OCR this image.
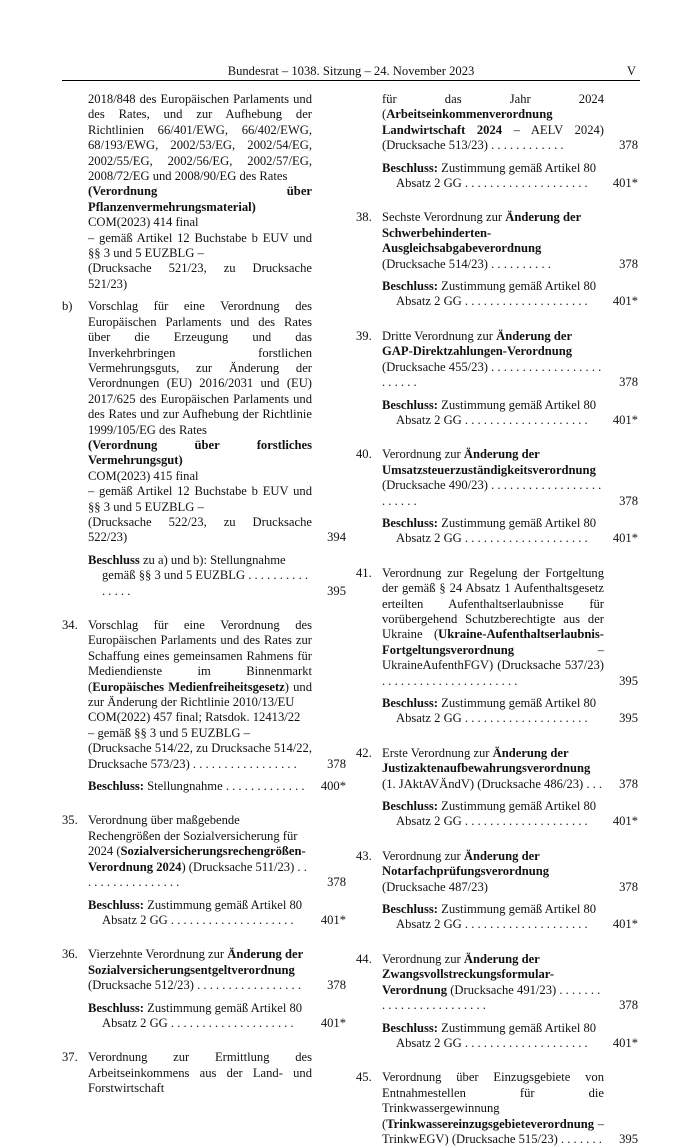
Bundesrat – 1038. Sitzung – 24. November 2023	V
2018/848 des Europäischen Parlaments und des Rates, und zur Aufhebung der Richtlinien 66/401/EWG, 66/402/EWG, 68/193/EWG, 2002/53/EG, 2002/54/EG, 2002/55/EG, 2002/56/EG, 2002/57/EG, 2008/72/EG und 2008/90/EG des Rates
(Verordnung über Pflanzenvermehrungsmaterial)
COM(2023) 414 final
– gemäß Artikel 12 Buchstabe b EUV und §§ 3 und 5 EUZBLG –
(Drucksache 521/23, zu Drucksache 521/23)
b) Vorschlag für eine Verordnung des Europäischen Parlaments und des Rates über die Erzeugung und das Inverkehrbringen forstlichen Vermehrungsguts, zur Änderung der Verordnungen (EU) 2016/2031 und (EU) 2017/625 des Europäischen Parlaments und des Rates und zur Aufhebung der Richtlinie 1999/105/EG des Rates
(Verordnung über forstliches Vermehrungsgut)
COM(2023) 415 final
– gemäß Artikel 12 Buchstabe b EUV und §§ 3 und 5 EUZBLG –
(Drucksache 522/23, zu Drucksache 522/23)	394
Beschluss zu a) und b): Stellungnahme gemäß §§ 3 und 5 EUZBLG . . . . . . . . . . . . . . .	395
34. Vorschlag für eine Verordnung des Europäischen Parlaments und des Rates zur Schaffung eines gemeinsamen Rahmens für Mediendienste im Binnenmarkt (Europäisches Medienfreiheitsgesetz) und zur Änderung der Richtlinie 2010/13/EU
COM(2022) 457 final; Ratsdok. 12413/22
– gemäß §§ 3 und 5 EUZBLG –
(Drucksache 514/22, zu Drucksache 514/22, Drucksache 573/23) . . . . . . . . . . . . . . . . .	378
Beschluss: Stellungnahme . . . . . . . . . . . . .	400*
35. Verordnung über maßgebende Rechengrößen der Sozialversicherung für 2024 (Sozialversicherungsrechengrößen-Verordnung 2024) (Drucksache 511/23) . . . . . . . . . . . . . . . . .	378
Beschluss: Zustimmung gemäß Artikel 80 Absatz 2 GG . . . . . . . . . . . . . . . . . . . .	401*
36. Vierzehnte Verordnung zur Änderung der Sozialversicherungsentgeltverordnung (Drucksache 512/23) . . . . . . . . . . . . . . . . .	378
Beschluss: Zustimmung gemäß Artikel 80 Absatz 2 GG . . . . . . . . . . . . . . . . . . . .	401*
37. Verordnung zur Ermittlung des Arbeitseinkommens aus der Land- und Forstwirtschaft
für das Jahr 2024 (Arbeitseinkommenverordnung Landwirtschaft 2024 – AELV 2024) (Drucksache 513/23) . . . . . . . . . . . .	378
Beschluss: Zustimmung gemäß Artikel 80 Absatz 2 GG . . . . . . . . . . . . . . . . . . . .	401*
38. Sechste Verordnung zur Änderung der Schwerbehinderten-Ausgleichsabgabeverordnung (Drucksache 514/23) . . . . . . . . . .	378
Beschluss: Zustimmung gemäß Artikel 80 Absatz 2 GG . . . . . . . . . . . . . . . . . . . .	401*
39. Dritte Verordnung zur Änderung der GAP-Direktzahlungen-Verordnung (Drucksache 455/23) . . . . . . . . . . . . . . . . . . . . . . . .	378
Beschluss: Zustimmung gemäß Artikel 80 Absatz 2 GG . . . . . . . . . . . . . . . . . . . .	401*
40. Verordnung zur Änderung der Umsatzsteuerzuständigkeitsverordnung (Drucksache 490/23) . . . . . . . . . . . . . . . . . . . . . . . .	378
Beschluss: Zustimmung gemäß Artikel 80 Absatz 2 GG . . . . . . . . . . . . . . . . . . . .	401*
41. Verordnung zur Regelung der Fortgeltung der gemäß § 24 Absatz 1 Aufenthaltsgesetz erteilten Aufenthaltserlaubnisse für vorübergehend Schutzberechtigte aus der Ukraine (Ukraine-Aufenthaltserlaubnis-Fortgeltungsverordnung – UkraineAufenthFGV) (Drucksache 537/23) . . . . . . . . . . . . . . . . . . . . . .	395
Beschluss: Zustimmung gemäß Artikel 80 Absatz 2 GG . . . . . . . . . . . . . . . . . . . .	395
42. Erste Verordnung zur Änderung der Justizaktenaufbewahrungsverordnung (1. JAktAVÄndV) (Drucksache 486/23) . . .	378
Beschluss: Zustimmung gemäß Artikel 80 Absatz 2 GG . . . . . . . . . . . . . . . . . . . .	401*
43. Verordnung zur Änderung der Notarfachprüfungsverordnung (Drucksache 487/23)	378
Beschluss: Zustimmung gemäß Artikel 80 Absatz 2 GG . . . . . . . . . . . . . . . . . . . .	401*
44. Verordnung zur Änderung der Zwangsvollstreckungsformular-Verordnung (Drucksache 491/23) . . . . . . . . . . . . . . . . . . . . . . . .	378
Beschluss: Zustimmung gemäß Artikel 80 Absatz 2 GG . . . . . . . . . . . . . . . . . . . .	401*
45. Verordnung über Einzugsgebiete von Entnahmestellen für die Trinkwassergewinnung (Trinkwassereinzugsgebieteverordnung – TrinkwEGV) (Drucksache 515/23) . . . . . . .	395
